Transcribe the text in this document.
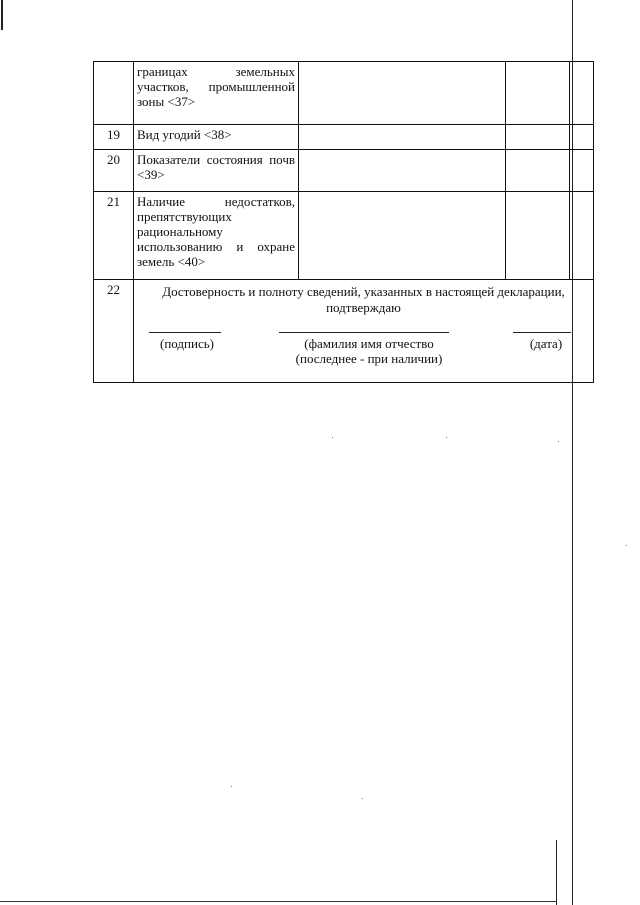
	границах земельных участков, промышленной зоны <37>			

19	Вид угодий <38>			

20	Показатели состояния почв <39>			

21	Наличие недостатков, препятствующих рациональному использованию и охране земель <40>			

22	Достоверность и полноту сведений, указанных в настоящей декларации, подтверждаю
(подпись) (фамилия имя отчество
(последнее - при наличии)
(дата)			
